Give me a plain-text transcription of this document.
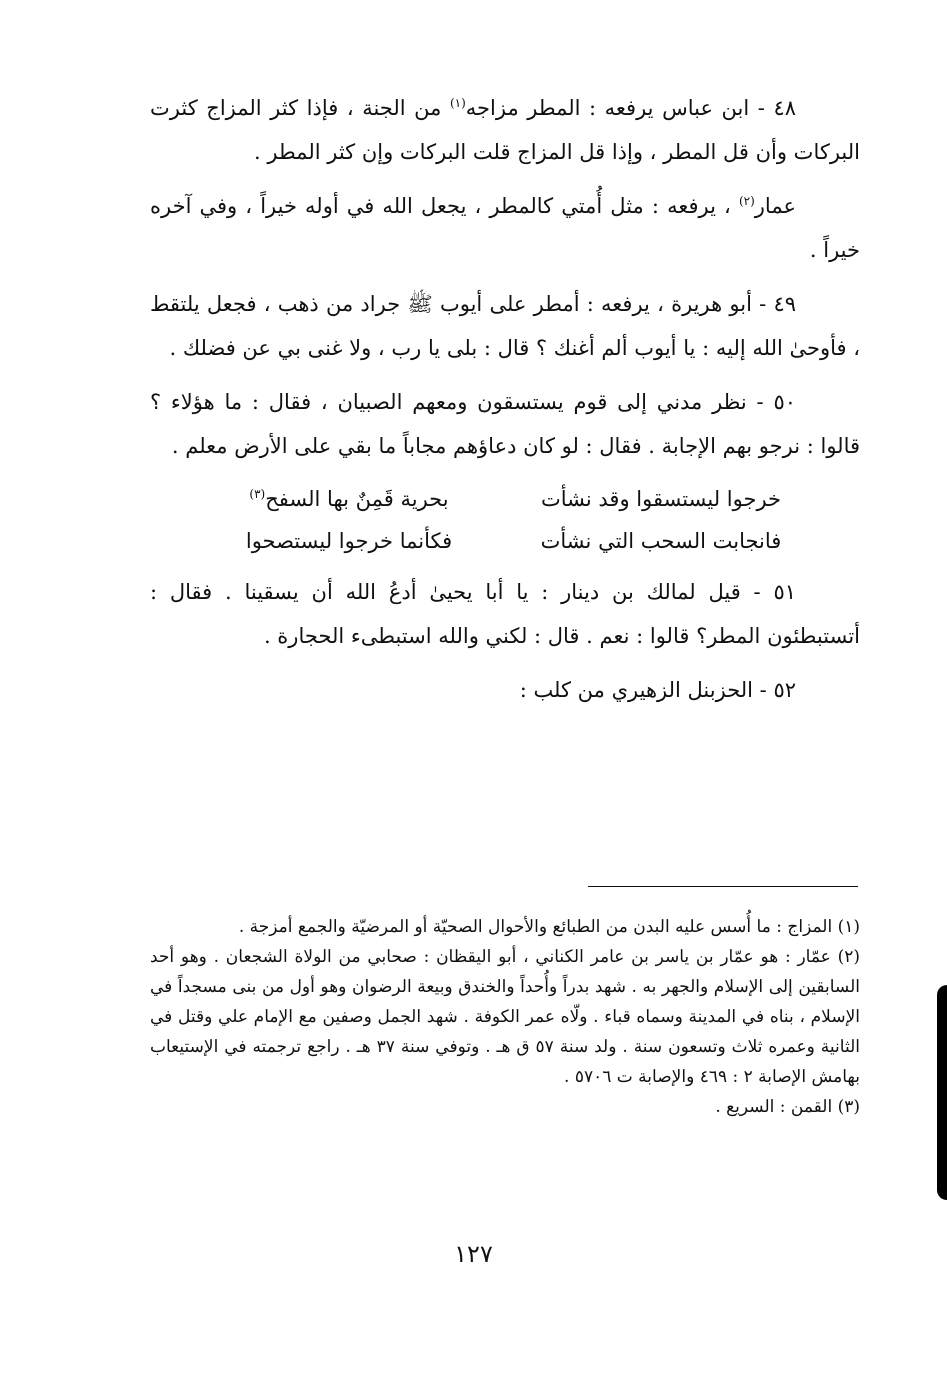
٤٨ - ابن عباس يرفعه : المطر مزاجه$^{(١)}$ من الجنة ، فإذا كثر المزاج كثرت البركات وأن قل المطر ، وإذا قل المزاج قلت البركات وإن كثر المطر .

عمار$^{(٢)}$ ، يرفعه : مثل أُمتي كالمطر ، يجعل الله في أوله خيراً ، وفي آخره خيراً .

٤٩ - أبو هريرة ، يرفعه : أمطر على أيوب ﷺ جراد من ذهب ، فجعل يلتقط ، فأوحىٰ الله إليه : يا أيوب ألم أغنك ؟ قال : بلى يا رب ، ولا غنى بي عن فضلك .

٥٠ - نظر مدني إلى قوم يستسقون ومعهم الصبيان ، فقال : ما هؤلاء ؟ قالوا : نرجو بهم الإجابة . فقال : لو كان دعاؤهم مجاباً ما بقي على الأرض معلم .

خرجوا ليستسقوا وقد نشأت
بحرية قَمِنٌ بها السفح$^{(٣)}$
فانجابت السحب التي نشأت
فكأنما خرجوا ليستصحوا

٥١ - قيل لمالك بن دينار : يا أبا يحيىٰ أدعُ الله أن يسقينا . فقال : أتستبطئون المطر؟ قالوا : نعم . قال : لكني والله استبطىء الحجارة .

٥٢ - الحزبنل الزهيري من كلب :

(١) المزاج : ما أُسس عليه البدن من الطبائع والأحوال الصحيّة أو المرضيّة والجمع أمزجة .

(٢) عمّار : هو عمّار بن ياسر بن عامر الكناني ، أبو اليقظان : صحابي من الولاة الشجعان . وهو أحد السابقين إلى الإسلام والجهر به . شهد بدراً وأُحداً والخندق وبيعة الرضوان وهو أول من بنى مسجداً في الإسلام ، بناه في المدينة وسماه قباء . ولّاه عمر الكوفة . شهد الجمل وصفين مع الإمام علي وقتل في الثانية وعمره ثلاث وتسعون سنة . ولد سنة ٥٧ ق هـ . وتوفي سنة ٣٧ هـ . راجع ترجمته في الإستيعاب بهامش الإصابة ٢ : ٤٦٩ والإصابة ت ٥٧٠٦ .

(٣) القمن : السريع .

١٢٧
